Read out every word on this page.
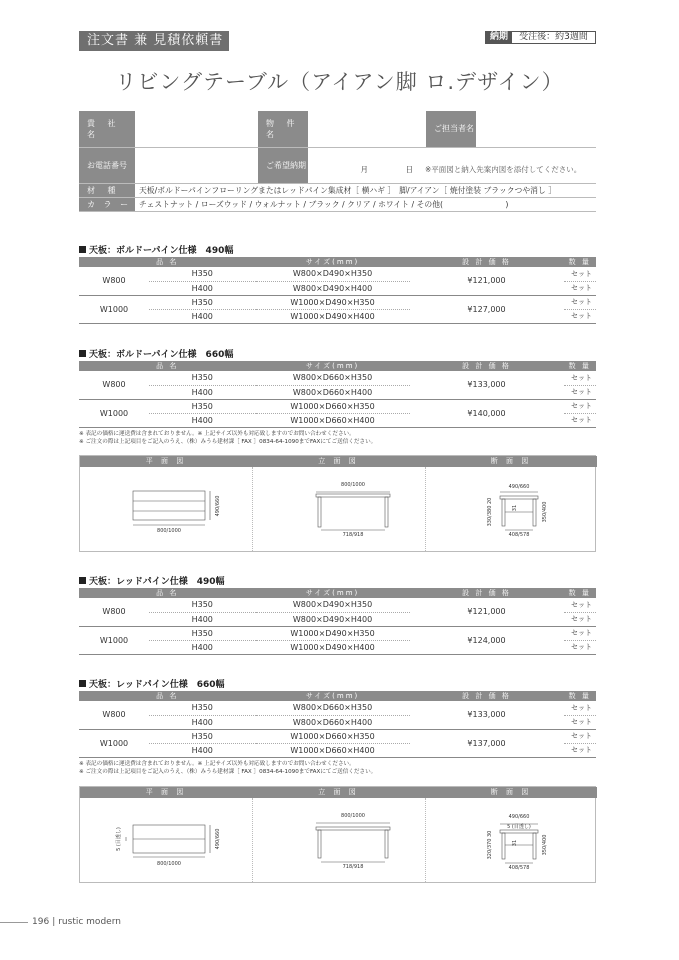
注文書 兼 見積依頼書	納期	受注後：約3週間
リビングテーブル（アイアン脚 ロ.デザイン）
貴 社 名		物 件 名		ご担当者名	
お電話番号		ご希望納期	月 日 ※平面図と納入先案内図を添付してください。		

材 種	天板/ボルドーパインフローリングまたはレッドパイン集成材［ 横ハギ ］　脚/アイアン［ 焼付塗装 ブラックつや消し ］				
カ ラ ー	チェストナット / ローズウッド / ウォルナット / ブラック / クリア / ホワイト / その他(　　　　　　　　)				
天板：ボルドーパイン仕様　490幅
品 名		サイズ(mm)	設 計 価 格	数 量
W800	H350	W800×D490×H350	¥121,000	セット
	H400	W800×D490×H400		セット
W1000	H350	W1000×D490×H350	¥127,000	セット
	H400	W1000×D490×H400		セット
天板：ボルドーパイン仕様　660幅
品 名		サイズ(mm)	設 計 価 格	数 量
W800	H350	W800×D660×H350	¥133,000	セット
	H400	W800×D660×H400		セット
W1000	H350	W1000×D660×H350	¥140,000	セット
	H400	W1000×D660×H400		セット
※ 表記の価格に運送費は含まれておりません。※ 上記サイズ以外も対応致しますのでお問い合わせください。
※ ご注文の際は上記項目をご記入のうえ、（株）みうら建材課［ FAX ］0834-64-1090までFAXにてご送信ください。
平 面 図	立 面 図	断 面 図
800/1000
490/660
800/1000
718/918
490/660
408/578
330/380 20	350/400
31
天板：レッドパイン仕様　490幅
品 名		サイズ(mm)	設 計 価 格	数 量
W800	H350	W800×D490×H350	¥121,000	セット
	H400	W800×D490×H400		セット
W1000	H350	W1000×D490×H350	¥124,000	セット
	H400	W1000×D490×H400		セット
天板：レッドパイン仕様　660幅
品 名		サイズ(mm)	設 計 価 格	数 量
W800	H350	W800×D660×H350	¥133,000	セット
	H400	W800×D660×H400		セット
W1000	H350	W1000×D660×H350	¥137,000	セット
	H400	W1000×D660×H400		セット
※ 表記の価格に運送費は含まれておりません。※ 上記サイズ以外も対応致しますのでお問い合わせください。
※ ご注文の際は上記項目をご記入のうえ、（株）みうら建材課［ FAX ］0834-64-1090までFAXにてご送信ください。
平 面 図	立 面 図	断 面 図
5 (目透し)
800/1000
490/660
800/1000
718/918
490/660
5 (目透し)
408/578
320/370 30	350/400
31
196 | rustic modern
